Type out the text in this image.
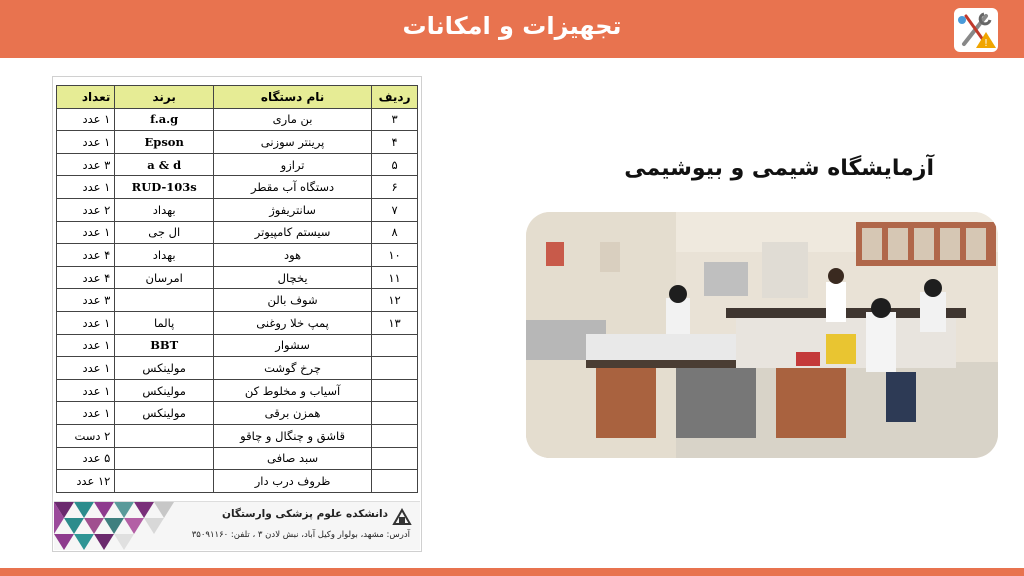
تجهیزات و امکانات
!
ردیف	نام دستگاه	برند	تعداد
۳	بن ماری	f.a.g	۱ عدد
۴	پرینتر سوزنی	Epson	۱ عدد
۵	ترازو	a & d	۳ عدد
۶	دستگاه آب مقطر	RUD-103s	۱ عدد
۷	سانتریفوژ	بهداد	۲ عدد
۸	سیستم کامپیوتر	ال جی	۱ عدد
۱۰	هود	بهداد	۴ عدد
۱۱	یخچال	امرسان	۴ عدد
۱۲	شوف بالن		۳ عدد
۱۳	پمپ خلا روغنی	پالما	۱ عدد
	سشوار	BBT	۱ عدد
	چرخ گوشت	مولینکس	۱ عدد
	آسیاب و مخلوط کن	مولینکس	۱ عدد
	همزن برقی	مولینکس	۱ عدد
	قاشق و چنگال و چاقو		۲ دست
	سبد صافی		۵ عدد
	ظروف درب دار		۱۲ عدد
دانشکده علوم پزشکی وارستگان
آدرس: مشهد، بولوار وکیل آباد، نبش لادن ۳ ، تلفن: ۳۵۰۹۱۱۶۰
آزمایشگاه شیمی و بیوشیمی
